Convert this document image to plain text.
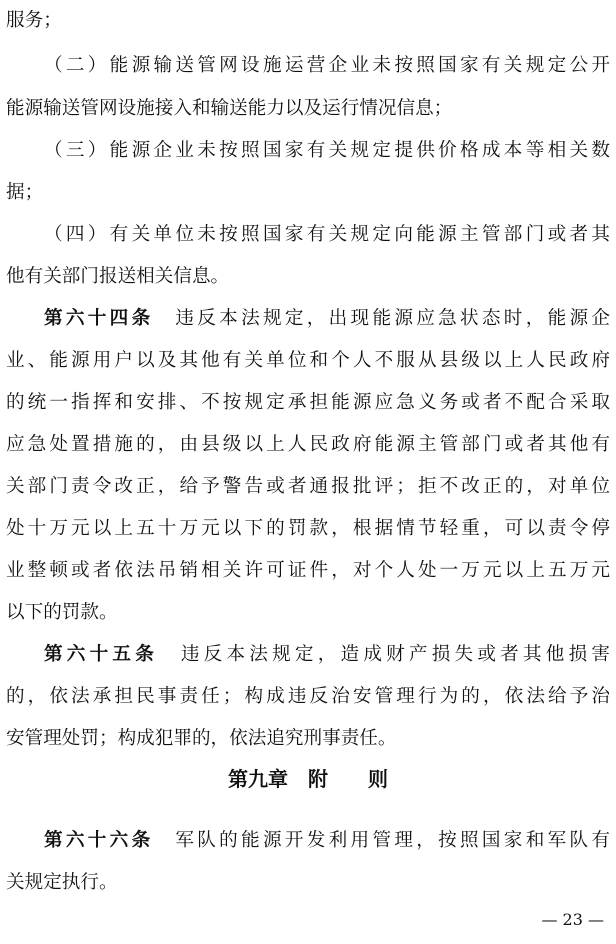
服务；
（二）能源输送管网设施运营企业未按照国家有关规定公开
能源输送管网设施接入和输送能力以及运行情况信息；
（三）能源企业未按照国家有关规定提供价格成本等相关数
据；
（四）有关单位未按照国家有关规定向能源主管部门或者其
他有关部门报送相关信息。
第六十四条　 违反本法规定，出现能源应急状态时，能源企
业、能源用户以及其他有关单位和个人不服从县级以上人民政府
的统一指挥和安排、不按规定承担能源应急义务或者不配合采取
应急处置措施的，由县级以上人民政府能源主管部门或者其他有
关部门责令改正，给予警告或者通报批评；拒不改正的，对单位
处十万元以上五十万元以下的罚款，根据情节轻重，可以责令停
业整顿或者依法吊销相关许可证件，对个人处一万元以上五万元
以下的罚款。
第六十五条　 违反本法规定，造成财产损失或者其他损害
的，依法承担民事责任；构成违反治安管理行为的，依法给予治
安管理处罚；构成犯罪的，依法追究刑事责任。
第九章　附　　则
第六十六条　 军队的能源开发利用管理，按照国家和军队有
关规定执行。
— 23 —
